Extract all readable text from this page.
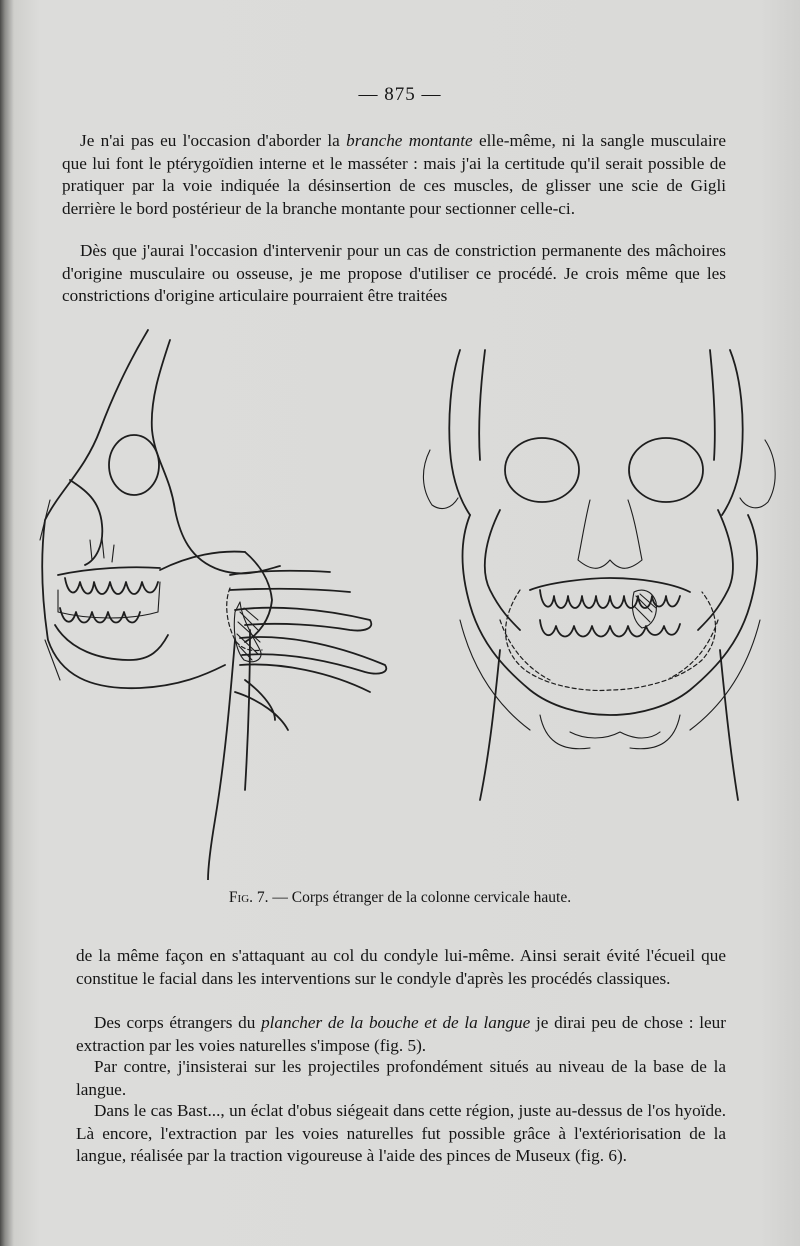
— 875 —

Je n'ai pas eu l'occasion d'aborder la branche montante elle-même, ni la sangle musculaire que lui font le ptérygoïdien interne et le masséter : mais j'ai la certitude qu'il serait possible de pratiquer par la voie indiquée la désinsertion de ces muscles, de glisser une scie de Gigli derrière le bord postérieur de la branche montante pour sectionner celle-ci.

Dès que j'aurai l'occasion d'intervenir pour un cas de constriction permanente des mâchoires d'origine musculaire ou osseuse, je me propose d'utiliser ce procédé. Je crois même que les constrictions d'origine articulaire pourraient être traitées

Fig. 7. — Corps étranger de la colonne cervicale haute.

de la même façon en s'attaquant au col du condyle lui-même. Ainsi serait évité l'écueil que constitue le facial dans les interventions sur le condyle d'après les procédés classiques.

Des corps étrangers du plancher de la bouche et de la langue je dirai peu de chose : leur extraction par les voies naturelles s'impose (fig. 5).

Par contre, j'insisterai sur les projectiles profondément situés au niveau de la base de la langue.

Dans le cas Bast..., un éclat d'obus siégeait dans cette région, juste au-dessus de l'os hyoïde. Là encore, l'extraction par les voies naturelles fut possible grâce à l'extériorisation de la langue, réalisée par la traction vigoureuse à l'aide des pinces de Museux (fig. 6).
